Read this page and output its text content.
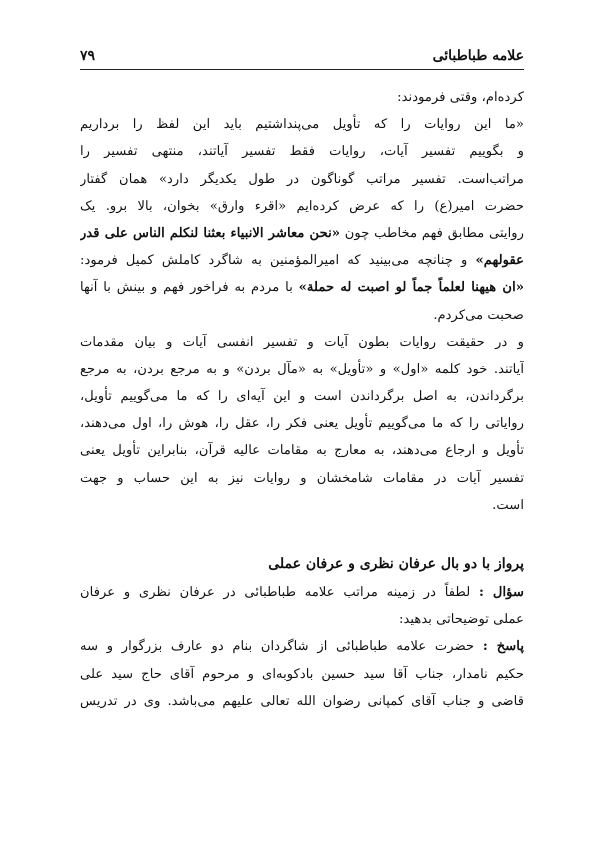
علامه طباطبائی
۷۹
کرده‌ام، وقتی فرمودند:
«ما این روایات را که تأویل می‌پنداشتیم باید این لفظ را برداریم
و بگوییم تفسیر آیات، روایات فقط تفسیر آیاتند، منتهی تفسیر را
مراتب‌است. تفسیر مراتب گوناگون در طول یکدیگر دارد» همان گفتار
حضرت امیر(ع) را که عرض کرده‌ایم «اقرء وارق» بخوان، بالا برو. یک
روایتی مطابق فهم مخاطب چون «نحن معاشر الانبیاء بعثنا لنکلم الناس علی قدر
عقولهم» و چنانچه می‌بینید که امیرالمؤمنین به شاگرد کاملش کمیل فرمود:
«ان هیهنا لعلماً جماً لو اصبت له حملة» با مردم به فراخور فهم و بینش با آنها
صحبت می‌کردم.
و در حقیقت روایات بطون آیات و تفسیر انفسی آیات و بیان مقدمات
آیاتند. خود کلمه «اول» و «تأویل» به «مآل بردن» و به مرجع بردن، به مرجع
برگرداندن، به اصل برگرداندن است و این آیه‌ای را که ما می‌گوییم تأویل،
روایاتی را که ما می‌گوییم تأویل یعنی فکر را، عقل را، هوش را، اول می‌دهند،
تأویل و ارجاع می‌دهند، به معارج به مقامات عالیه قرآن، بنابراین تأویل یعنی
تفسیر آیات در مقامات شامخشان و روایات نیز به این حساب و جهت
است.
پرواز با دو بال عرفان نظری و عرفان عملی
سؤال : لطفاً در زمینه مراتب علامه طباطبائی در عرفان نظری و عرفان
عملی توضیحاتی بدهید:
پاسخ : حضرت علامه طباطبائی از شاگردان بنام دو عارف بزرگوار و سه
حکیم نامدار، جناب آقا سید حسین بادکوبه‌ای و مرحوم آقای حاج سید علی
قاضی و جناب آقای کمپانی رضوان الله تعالی علیهم می‌باشد. وی در تدریس
